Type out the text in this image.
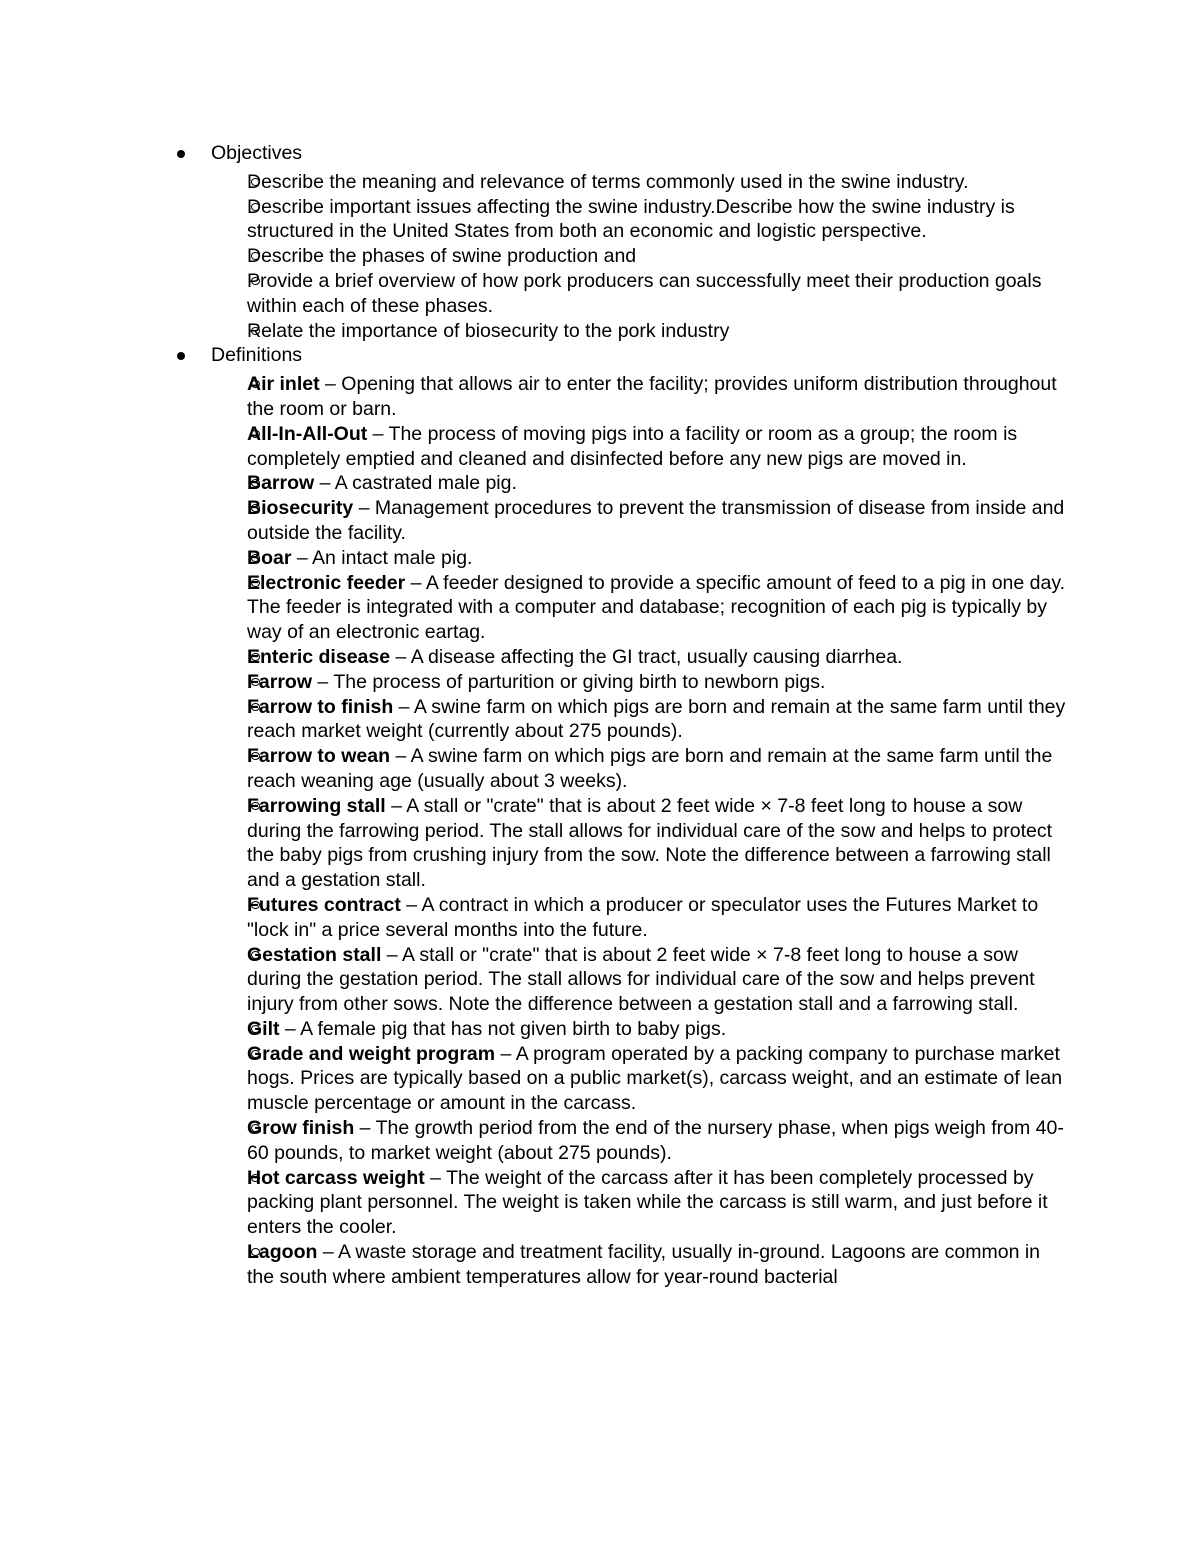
Objectives
Describe the meaning and relevance of terms commonly used in the swine industry.
Describe important issues affecting the swine industry.Describe how the swine industry is structured in the United States from both an economic and logistic perspective.
Describe the phases of swine production and
Provide a brief overview of how pork producers can successfully meet their production goals within each of these phases.
Relate the importance of biosecurity to the pork industry
Definitions
Air inlet – Opening that allows air to enter the facility; provides uniform distribution throughout the room or barn.
All-In-All-Out – The process of moving pigs into a facility or room as a group; the room is completely emptied and cleaned and disinfected before any new pigs are moved in.
Barrow – A castrated male pig.
Biosecurity – Management procedures to prevent the transmission of disease from inside and outside the facility.
Boar – An intact male pig.
Electronic feeder – A feeder designed to provide a specific amount of feed to a pig in one day. The feeder is integrated with a computer and database; recognition of each pig is typically by way of an electronic eartag.
Enteric disease – A disease affecting the GI tract, usually causing diarrhea.
Farrow – The process of parturition or giving birth to newborn pigs.
Farrow to finish – A swine farm on which pigs are born and remain at the same farm until they reach market weight (currently about 275 pounds).
Farrow to wean – A swine farm on which pigs are born and remain at the same farm until the reach weaning age (usually about 3 weeks).
Farrowing stall – A stall or "crate" that is about 2 feet wide × 7-8 feet long to house a sow during the farrowing period. The stall allows for individual care of the sow and helps to protect the baby pigs from crushing injury from the sow. Note the difference between a farrowing stall and a gestation stall.
Futures contract – A contract in which a producer or speculator uses the Futures Market to "lock in" a price several months into the future.
Gestation stall – A stall or "crate" that is about 2 feet wide × 7-8 feet long to house a sow during the gestation period. The stall allows for individual care of the sow and helps prevent injury from other sows. Note the difference between a gestation stall and a farrowing stall.
Gilt – A female pig that has not given birth to baby pigs.
Grade and weight program – A program operated by a packing company to purchase market hogs. Prices are typically based on a public market(s), carcass weight, and an estimate of lean muscle percentage or amount in the carcass.
Grow finish – The growth period from the end of the nursery phase, when pigs weigh from 40-60 pounds, to market weight (about 275 pounds).
Hot carcass weight – The weight of the carcass after it has been completely processed by packing plant personnel. The weight is taken while the carcass is still warm, and just before it enters the cooler.
Lagoon – A waste storage and treatment facility, usually in-ground. Lagoons are common in the south where ambient temperatures allow for year-round bacterial
